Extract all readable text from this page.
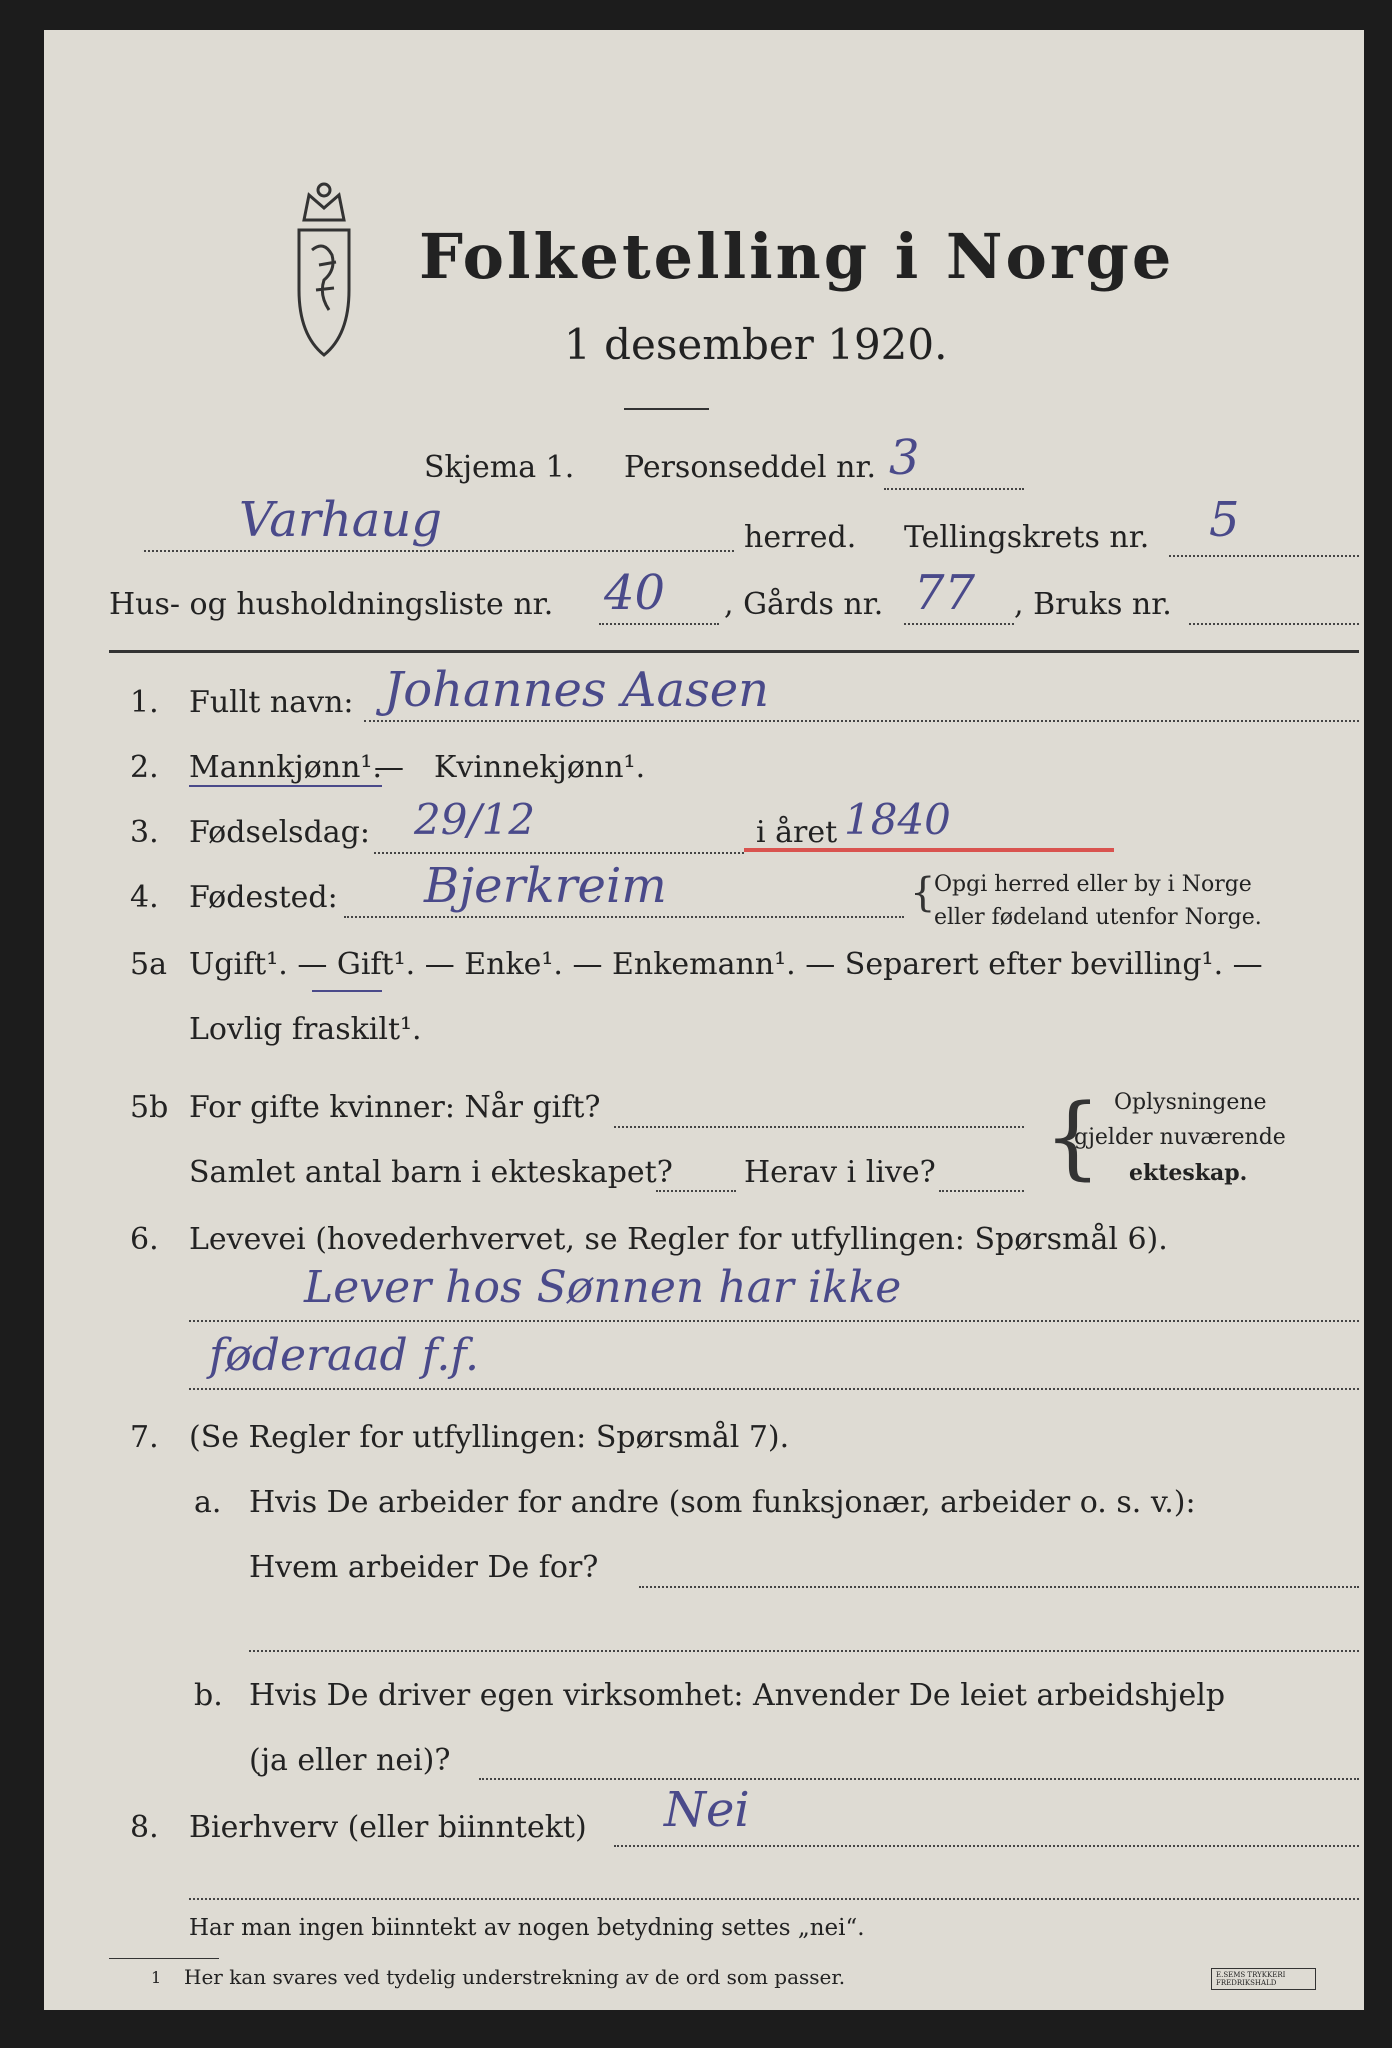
Folketelling i Norge
1 desember 1920.
Skjema 1. Personseddel nr. 3
Varhaug	herred. Tellingskrets nr. 5
Hus- og husholdningsliste nr. 40 , Gårds nr. 77 , Bruks nr.
1. Fullt navn: Johannes Aasen
2. Mannkjønn¹.
— Kvinnekjønn¹.
3. Fødselsdag: 29/12	i året 1840
4. Fødested: Bjerkreim	{
Opgi herred eller by i Norge
eller fødeland utenfor Norge.
5a Ugift¹. — Gift¹. — Enke¹. — Enkemann¹. — Separert efter bevilling¹. —
Lovlig fraskilt¹.
5b For gifte kvinner: Når gift?
Samlet antal barn i ekteskapet? Herav i live? { Oplysningene
gjelder nuværende
ekteskap.
6. Levevei (hovederhvervet, se Regler for utfyllingen: Spørsmål 6).
Lever hos Sønnen har ikke
føderaad f.f.
7. (Se Regler for utfyllingen: Spørsmål 7).
a. Hvis De arbeider for andre (som funksjonær, arbeider o. s. v.):
Hvem arbeider De for?
b. Hvis De driver egen virksomhet: Anvender De leiet arbeidshjelp
(ja eller nei)?
8. Bierhverv (eller biinntekt) Nei
Har man ingen biinntekt av nogen betydning settes „nei“.
1 Her kan svares ved tydelig understrekning av de ord som passer.	E.SEMS TRYKKERI FREDRIKSHALD
